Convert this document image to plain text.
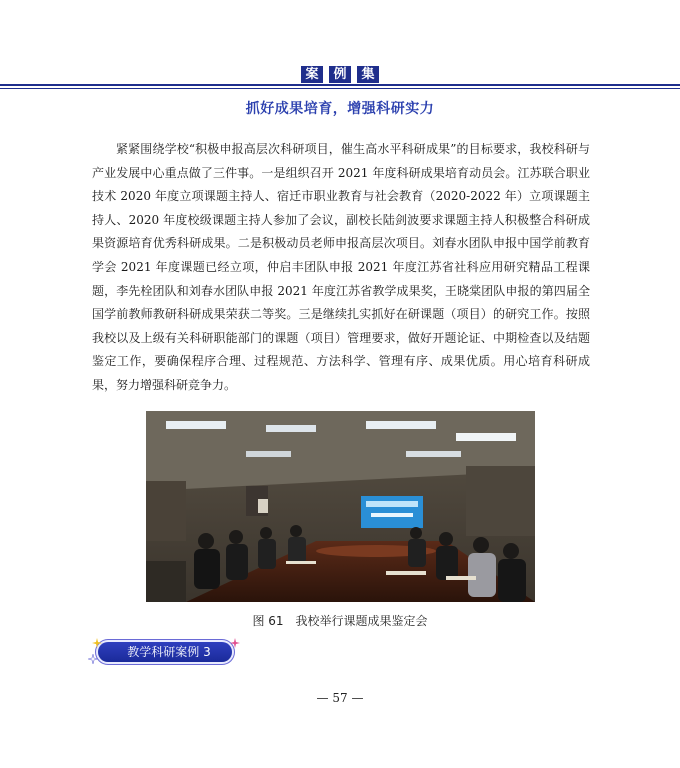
案	例	集
抓好成果培育，增强科研实力
紧紧围绕学校“积极申报高层次科研项目，催生高水平科研成果”的目标要求，我校科研与产业发展中心重点做了三件事。一是组织召开 2021 年度科研成果培育动员会。江苏联合职业技术 2020 年度立项课题主持人、宿迁市职业教育与社会教育（2020-2022 年）立项课题主持人、2020 年度校级课题主持人参加了会议，副校长陆剑波要求课题主持人积极整合科研成果资源培育优秀科研成果。二是积极动员老师申报高层次项目。刘春水团队申报中国学前教育学会 2021 年度课题已经立项，仲启丰团队申报 2021 年度江苏省社科应用研究精品工程课题，李先栓团队和刘春水团队申报 2021 年度江苏省教学成果奖，王晓棠团队申报的第四届全国学前教师教研科研成果荣获二等奖。三是继续扎实抓好在研课题（项目）的研究工作。按照我校以及上级有关科研职能部门的课题（项目）管理要求，做好开题论证、中期检查以及结题鉴定工作，要确保程序合理、过程规范、方法科学、管理有序、成果优质。用心培育科研成果，努力增强科研竞争力。
图 61　我校举行课题成果鉴定会
教学科研案例 3
— 57 —
